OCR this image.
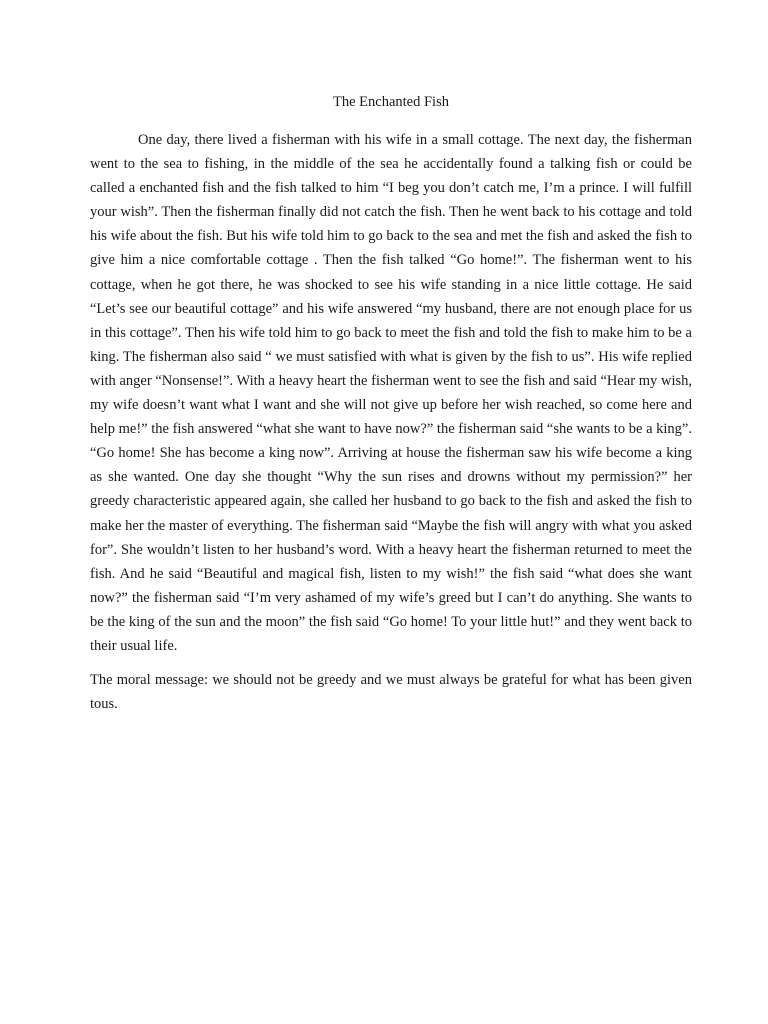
The Enchanted Fish

One day, there lived a fisherman with his wife in a small cottage. The next day, the fisherman went to the sea to fishing, in the middle of the sea he accidentally found a talking fish or could be called a enchanted fish and the fish talked to him “I beg you don’t catch me, I’m a prince. I will fulfill your wish”. Then the fisherman finally did not catch the fish. Then he went back to his cottage and told his wife about the fish. But his wife told him to go back to the sea and met the fish and asked the fish to give him a nice comfortable cottage . Then the fish talked “Go home!”. The fisherman went to his cottage, when he got there, he was shocked to see his wife standing in a nice little cottage. He said “Let’s see our beautiful cottage” and his wife answered “my husband, there are not enough place for us in this cottage”. Then his wife told him to go back to meet the fish and told the fish to make him to be a king. The fisherman also said “ we must satisfied with what is given by the fish to us”. His wife replied with anger “Nonsense!”. With a heavy heart the fisherman went to see the fish and said “Hear my wish, my wife doesn’t want what I want and she will not give up before her wish reached, so come here and help me!” the fish answered “what she want to have now?” the fisherman said “she wants to be a king”. “Go home! She has become a king now”. Arriving at house the fisherman saw his wife become a king as she wanted. One day she thought “Why the sun rises and drowns without my permission?” her greedy characteristic appeared again, she called her husband to go back to the fish and asked the fish to make her the master of everything. The fisherman said “Maybe the fish will angry with what you asked for”. She wouldn’t listen to her husband’s word. With a heavy heart the fisherman returned to meet the fish. And he said “Beautiful and magical fish, listen to my wish!” the fish said “what does she want now?” the fisherman said “I’m very ashamed of my wife’s greed but I can’t do anything. She wants to be the king of the sun and the moon” the fish said “Go home! To your little hut!” and they went back to their usual life.

The moral message: we should not be greedy and we must always be grateful for what has been given tous.
